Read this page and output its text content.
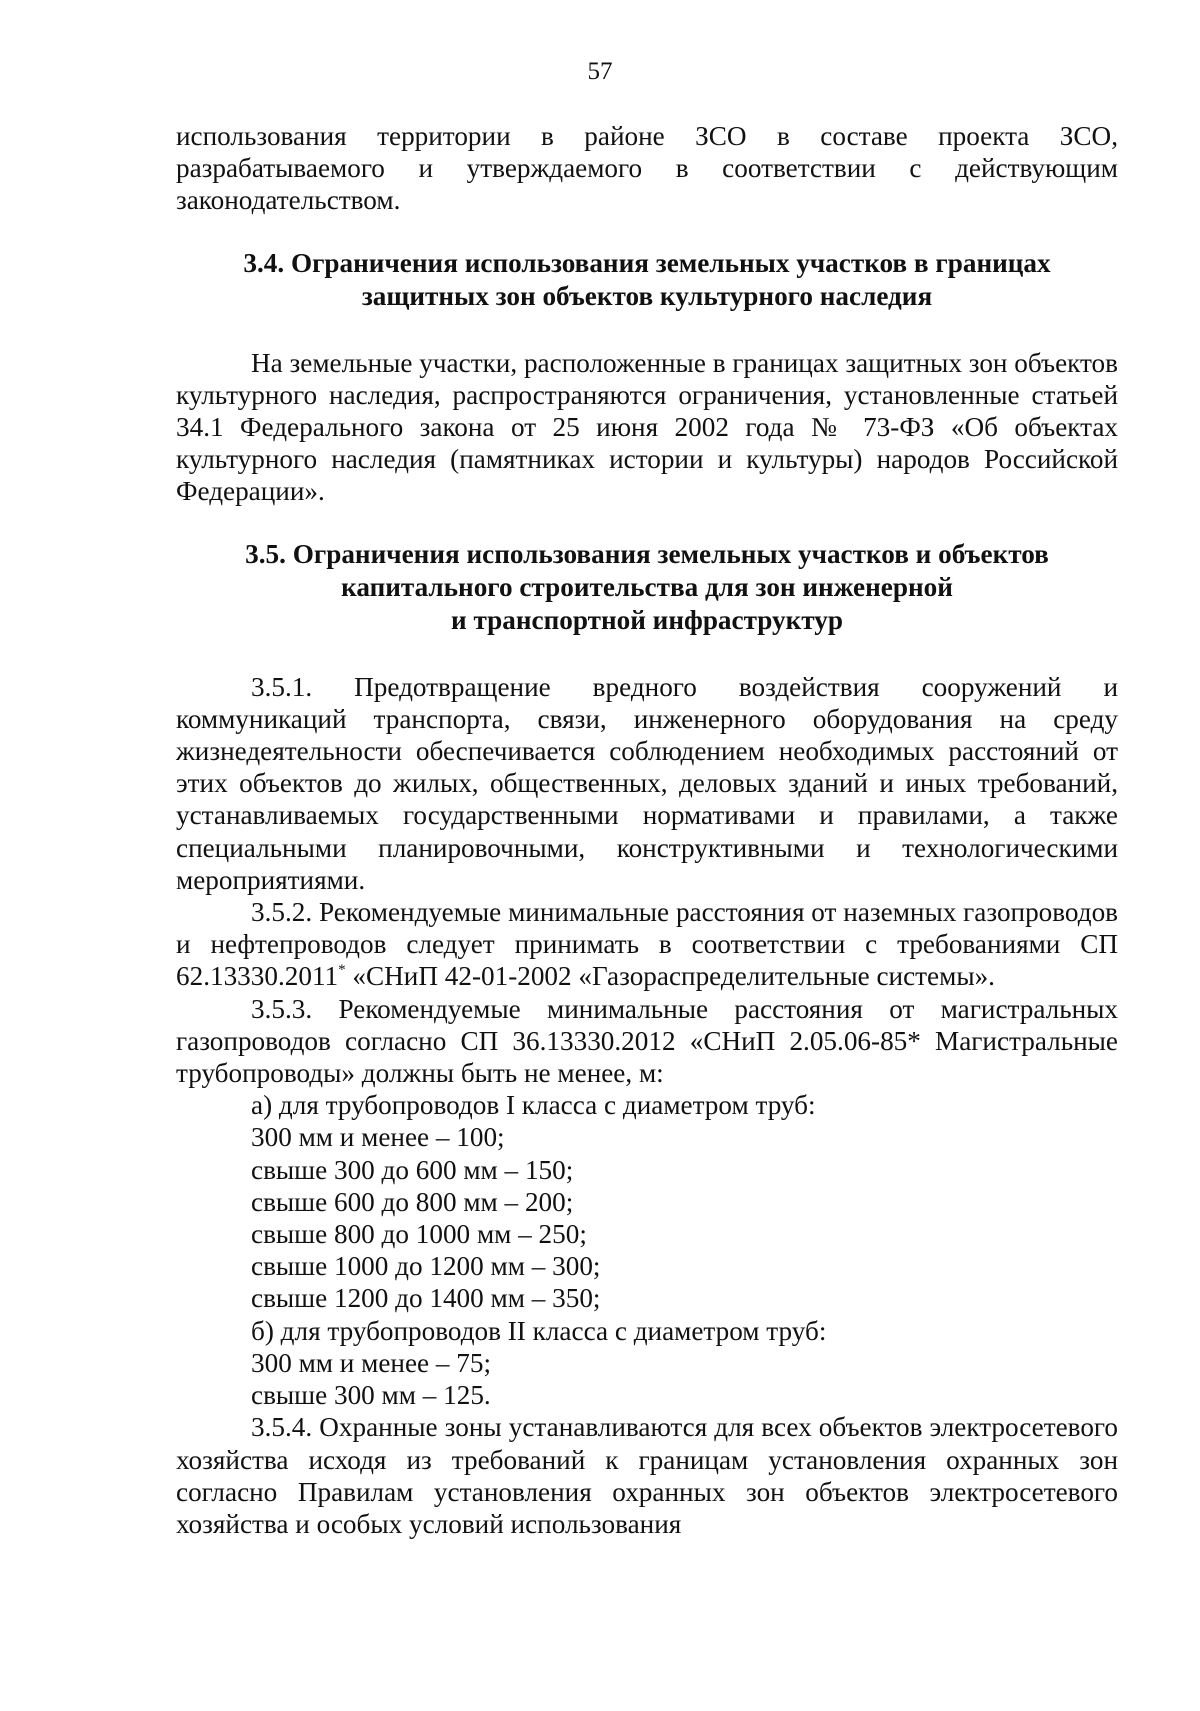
57

использования территории в районе ЗСО в составе проекта ЗСО, разрабатываемого и утверждаемого в соответствии с действующим законодательством.

3.4. Ограничения использования земельных участков в границах

защитных зон объектов культурного наследия

На земельные участки, расположенные в границах защитных зон объектов культурного наследия, распространяются ограничения, установленные статьей 34.1 Федерального закона от 25 июня 2002 года № 73-ФЗ «Об объектах культурного наследия (памятниках истории и культуры) народов Российской Федерации».

3.5. Ограничения использования земельных участков и объектов

капитального строительства для зон инженерной

и транспортной инфраструктур

3.5.1. Предотвращение вредного воздействия сооружений и коммуникаций транспорта, связи, инженерного оборудования на среду жизнедеятельности обеспечивается соблюдением необходимых расстояний от этих объектов до жилых, общественных, деловых зданий и иных требований, устанавливаемых государственными нормативами и правилами, а также специальными планировочными, конструктивными и технологическими мероприятиями.

3.5.2. Рекомендуемые минимальные расстояния от наземных газопроводов и нефтепроводов следует принимать в соответствии с требованиями СП 62.13330.2011* «СНиП 42-01-2002 «Газораспределительные системы».

3.5.3. Рекомендуемые минимальные расстояния от магистральных газопроводов согласно СП 36.13330.2012 «СНиП 2.05.06-85* Магистральные трубопроводы» должны быть не менее, м:

а) для трубопроводов I класса с диаметром труб:

300 мм и менее – 100;

свыше 300 до 600 мм – 150;

свыше 600 до 800 мм – 200;

свыше 800 до 1000 мм – 250;

свыше 1000 до 1200 мм – 300;

свыше 1200 до 1400 мм – 350;

б) для трубопроводов II класса с диаметром труб:

300 мм и менее – 75;

свыше 300 мм – 125.

3.5.4. Охранные зоны устанавливаются для всех объектов электросетевого хозяйства исходя из требований к границам установления охранных зон согласно Правилам установления охранных зон объектов электросетевого хозяйства и особых условий использования
